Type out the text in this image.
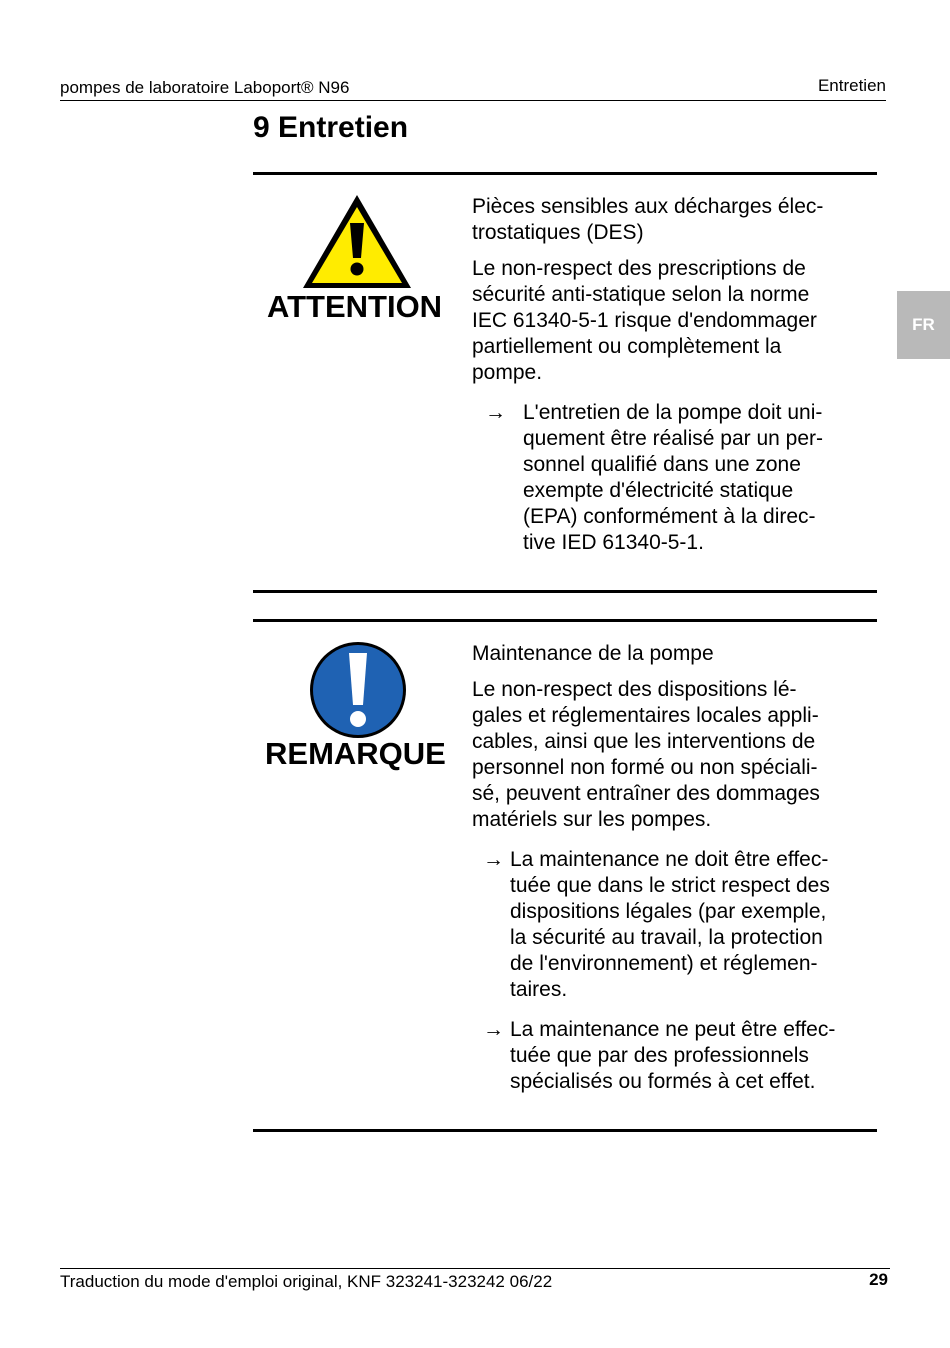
pompes de laboratoire Laboport® N96	Entretien
9 Entretien
FR
ATTENTION

Pièces sensibles aux décharges élec-
trostatiques (DES)

Le non-respect des prescriptions de
sécurité anti-statique selon la norme
IEC 61340-5-1 risque d'endommager
partiellement ou complètement la
pompe.

→ L'entretien de la pompe doit uni-
quement être réalisé par un per-
sonnel qualifié dans une zone
exempte d'électricité statique
(EPA) conformément à la direc-
tive IED 61340-5-1.

REMARQUE

Maintenance de la pompe

Le non-respect des dispositions lé-
gales et réglementaires locales appli-
cables, ainsi que les interventions de
personnel non formé ou non spéciali-
sé, peuvent entraîner des dommages
matériels sur les pompes.

→ La maintenance ne doit être effec-
tuée que dans le strict respect des
dispositions légales (par exemple,
la sécurité au travail, la protection
de l'environnement) et réglemen-
taires.

→ La maintenance ne peut être effec-
tuée que par des professionnels
spécialisés ou formés à cet effet.

Traduction du mode d'emploi original, KNF 323241-323242 06/22	29
